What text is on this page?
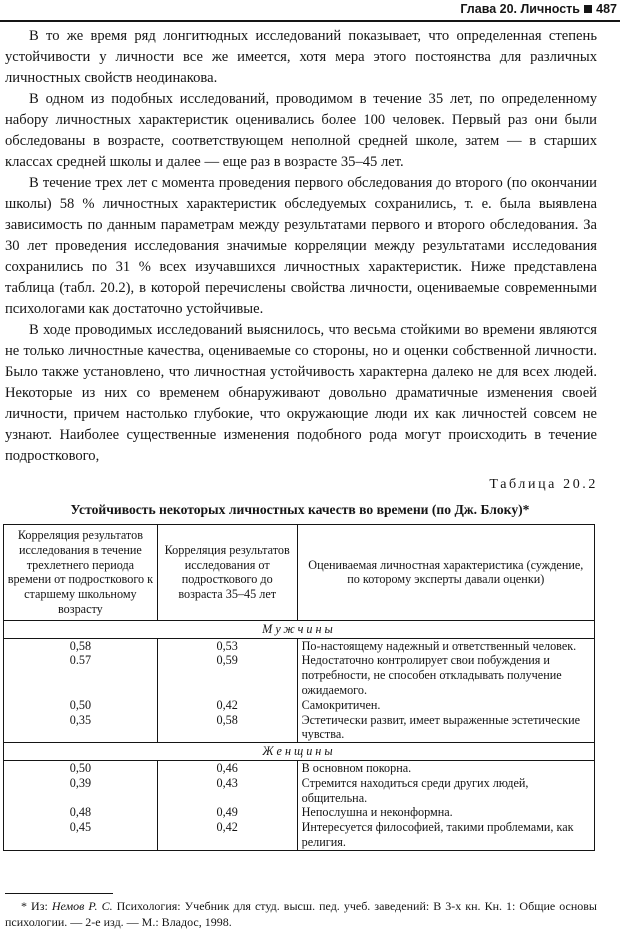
Глава 20. Личность 487

В то же время ряд лонгитюдных исследований показывает, что определенная степень устойчивости у личности все же имеется, хотя мера этого постоянства для различных личностных свойств неодинакова.

В одном из подобных исследований, проводимом в течение 35 лет, по определенному набору личностных характеристик оценивались более 100 человек. Первый раз они были обследованы в возрасте, соответствующем неполной средней школе, затем — в старших классах средней школы и далее — еще раз в возрасте 35–45 лет.

В течение трех лет с момента проведения первого обследования до второго (по окончании школы) 58 % личностных характеристик обследуемых сохранились, т. е. была выявлена зависимость по данным параметрам между результатами первого и второго обследования. За 30 лет проведения исследования значимые корреляции между результатами исследования сохранились по 31 % всех изучавшихся личностных характеристик. Ниже представлена таблица (табл. 20.2), в которой перечислены свойства личности, оцениваемые современными психологами как достаточно устойчивые.

В ходе проводимых исследований выяснилось, что весьма стойкими во времени являются не только личностные качества, оцениваемые со стороны, но и оценки собственной личности. Было также установлено, что личностная устойчивость характерна далеко не для всех людей. Некоторые из них со временем обнаруживают довольно драматичные изменения своей личности, причем настолько глубокие, что окружающие люди их как личностей совсем не узнают. Наиболее существенные изменения подобного рода могут происходить в течение подросткового,

Таблица 20.2
Устойчивость некоторых личностных качеств во времени (по Дж. Блоку)*
Корреляция результатов исследования в течение трехлетнего периода времени от подросткового к старшему школьному возрасту	Корреляция результатов исследования от подросткового до возраста 35–45 лет	Оцениваемая личностная характеристика (суждение, по которому эксперты давали оценки)
Мужчины		
0,58	0,53	По-настоящему надежный и ответственный человек.
0.57	0,59	Недостаточно контролирует свои побуждения и потребности, не способен откладывать получение ожидаемого.
0,50	0,42	Самокритичен.
0,35	0,58	Эстетически развит, имеет выраженные эстетические чувства.
Женщины		
0,50	0,46	В основном покорна.
0,39	0,43	Стремится находиться среди других людей, общительна.
0,48	0,49	Непослушна и неконформна.
0,45	0,42	Интересуется философией, такими проблемами, как религия.
* Из: Немов Р. С. Психология: Учебник для студ. высш. пед. учеб. заведений: В 3-х кн. Кн. 1: Общие основы психологии. — 2-е изд. — М.: Владос, 1998.
